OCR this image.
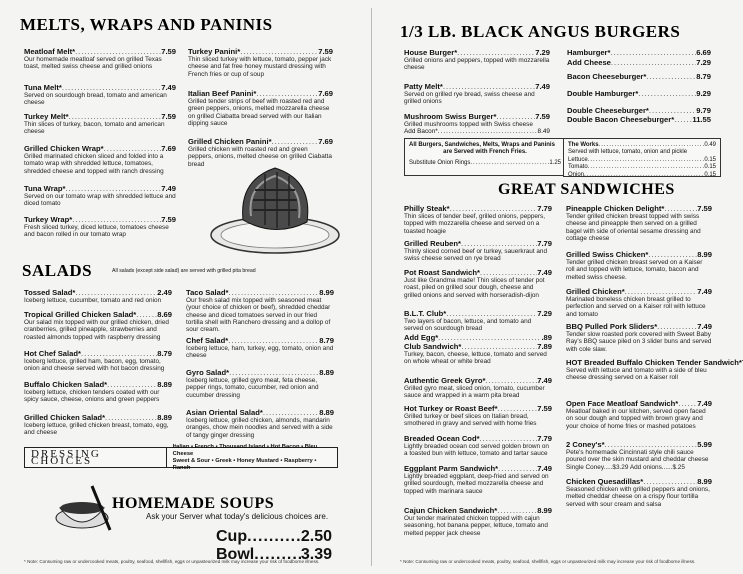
MELTS, WRAPS AND PANINIS
Meatloaf Melt* .....	7.59
Our homemade meatloaf served on grilled Texas toast, melted swiss cheese and grilled onions
Tuna Melt* .....	7.49
Served on sourdough bread, tomato and american cheese
Turkey Melt* .....	7.59
Thin slices of turkey, bacon, tomato and american cheese
Grilled Chicken Wrap* .....	7.69
Grilled marinated chicken sliced and folded into a tomato wrap with shredded lettuce, tomatoes, shredded cheese and topped with ranch dressing
Tuna Wrap* .....	7.49
Served on our tomato wrap with shredded lettuce and diced tomato
Turkey Wrap* .....	7.59
Fresh sliced turkey, diced lettuce, tomatoes cheese and bacon rolled in our tomato wrap
Turkey Panini* .....	7.59
Thin sliced turkey with lettuce, tomato, pepper jack cheese and fat free honey mustard dressing with French fries or cup of soup
Italian Beef Panini* .....	7.69
Grilled tender strips of beef with roasted red and green peppers, onions, melted mozzarella cheese on grilled Ciabatta bread served with our Italian dipping sauce
Grilled Chicken Panini* .....	7.69
Grilled chicken with roasted red and green peppers, onions, melted cheese on grilled Ciabatta bread
SALADS	All salads (except side salad) are served with grilled pita bread
Tossed Salad* .....	2.49
Iceberg lettuce, cucumber, tomato and red onion
Tropical Grilled Chicken Salad* .....	8.69
Our salad mix topped with our grilled chicken, dried cranberries, grilled pineapple, strawberries and roasted almonds topped with raspberry dressing
Hot Chef Salad* .....	8.79
Iceberg lettuce, grilled ham, bacon, egg, tomato, onion and cheese served with hot bacon dressing
Buffalo Chicken Salad* .....	8.89
Iceberg lettuce, chicken tenders coated with our spicy sauce, cheese, onions and green peppers
Grilled Chicken Salad* .....	8.89
Iceberg lettuce, grilled chicken breast, tomato, egg, and cheese
Taco Salad* .....	8.99
Our fresh salad mix topped with seasoned meat (your choice of chicken or beef), shredded cheddar cheese and diced tomatoes served in our fried tortilla shell with Ranchero dressing and a dollop of sour cream.
Chef Salad* .....	8.79
Iceberg lettuce, ham, turkey, egg, tomato, onion and cheese
Gyro Salad* .....	8.89
Iceberg lettuce, grilled gyro meat, feta cheese, pepper rings, tomato, cucumber, red onion and cucumber dressing
Asian Oriental Salad* .....	8.89
Iceberg lettuce, grilled chicken, almonds, mandarin oranges, chow mein noodles and served with a side of tangy ginger dressing
DRESSING CHOICES
Italian • French • Thousand Island • Hot Bacon • Bleu Cheese
Sweet & Sour • Greek • Honey Mustard • Raspberry • Ranch
HOMEMADE SOUPS
Ask your Server what today's delicious choices are.
Cup .....	2.50
Bowl .....	3.39
* Note: Consuming raw or undercooked meats, poultry, seafood, shellfish, eggs or unpasteurized milk may increase your risk of foodborne illness.
1/3 LB. BLACK ANGUS BURGERS
House Burger* .....	7.29
Grilled onions and peppers, topped with mozzarella cheese
Patty Melt* .....	7.49
Served on grilled rye bread, swiss cheese and grilled onions
Mushroom Swiss Burger* .....	7.59
Grilled mushrooms topped with Swiss cheese
Add Bacon* .....	8.49
Hamburger* .....	6.69
Add Cheese .....	7.29
Bacon Cheeseburger* .....	8.79
Double Hamburger* .....	9.29
Double Cheeseburger* .....	9.79
Double Bacon Cheeseburger* ..... 11.55
All Burgers, Sandwiches, Melts, Wraps and Paninis
are Served with French Fries.
Substitute Onion Rings .....	1.25
The Works .....	0.49
Served with lettuce, tomato, onion and pickle
Lettuce .....	0.15
Tomato .....	0.15
Onion .....	0.15
GREAT SANDWICHES
Philly Steak* .....	7.79
Thin slices of tender beef, grilled onions, peppers, topped with mozzarella cheese and served on a toasted hoagie
Grilled Reuben* .....	7.79
Thinly sliced corned beef or turkey, sauerkraut and swiss cheese served on rye bread
Pot Roast Sandwich* .....	7.49
Just like Grandma made! Thin slices of tender pot roast, piled on grilled sour dough, cheese and grilled onions and served with horseradish-dijon
B.L.T. Club* .....	7.29
Two layers of bacon, lettuce, and tomato and served on sourdough bread
Add Egg* .....	.89
Club Sandwich* .....	7.89
Turkey, bacon, cheese, lettuce, tomato and served on whole wheat or white bread
Authentic Greek Gyro* .....	7.49
Grilled gyro meat, sliced onion, tomato, cucumber sauce and wrapped in a warm pita bread
Hot Turkey or Roast Beef* .....	7.59
Grilled turkey or beef slices on Italian bread, smothered in gravy and served with home fries
Breaded Ocean Cod* .....	7.79
Lightly breaded ocean cod served golden brown on a toasted bun with lettuce, tomato and tartar sauce
Eggplant Parm Sandwich* .....	7.49
Lightly breaded eggplant, deep-fried and served on grilled sourdough, melted mozzarella cheese and topped with marinara sauce
Cajun Chicken Sandwich* .....	8.99
Our tender marinated chicken topped with cajun seasoning, hot banana pepper, lettuce, tomato and melted pepper jack cheese
Pineapple Chicken Delight* .....	7.59
Tender grilled chicken breast topped with swiss cheese and pineapple then served on a grilled bagel with side of oriental sesame dressing and cottage cheese
Grilled Swiss Chicken* .....	8.99
Tender grilled chicken breast served on a Kaiser roll and topped with lettuce, tomato, bacon and melted swiss cheese.
Grilled Chicken* .....	7.49
Marinated boneless chicken breast grilled to perfection and served on a Kaiser roll with lettuce and tomato
BBQ Pulled Pork Sliders* .....	7.49
Tender slow roasted pork covered with Sweet Baby Ray's BBQ sauce piled on 3 slider buns and served with cole slaw.
HOT Breaded Buffalo Chicken Tender Sandwich*
Served with lettuce and tomato with a side of bleu cheese dressing served on a Kaiser roll
Open Face Meatloaf Sandwich* ..... 7.49
Meatloaf baked in our kitchen, served open faced on sour dough and topped with brown gravy and your choice of home fries or mashed potatoes
2 Coney's* .....	5.99
Pete's homemade Cincinnati style chili sauce poured over the skin mustard and cheddar cheese Single Coney.....$3.29 Add onions......$.25
Chicken Quesadillas* .....	8.99
Seasoned chicken with grilled peppers and onions, melted cheddar cheese on a crispy flour tortilla served with sour cream and salsa
* Note: Consuming raw or undercooked meats, poultry, seafood, shellfish, eggs or unpasteurized milk may increase your risk of foodborne illness.
